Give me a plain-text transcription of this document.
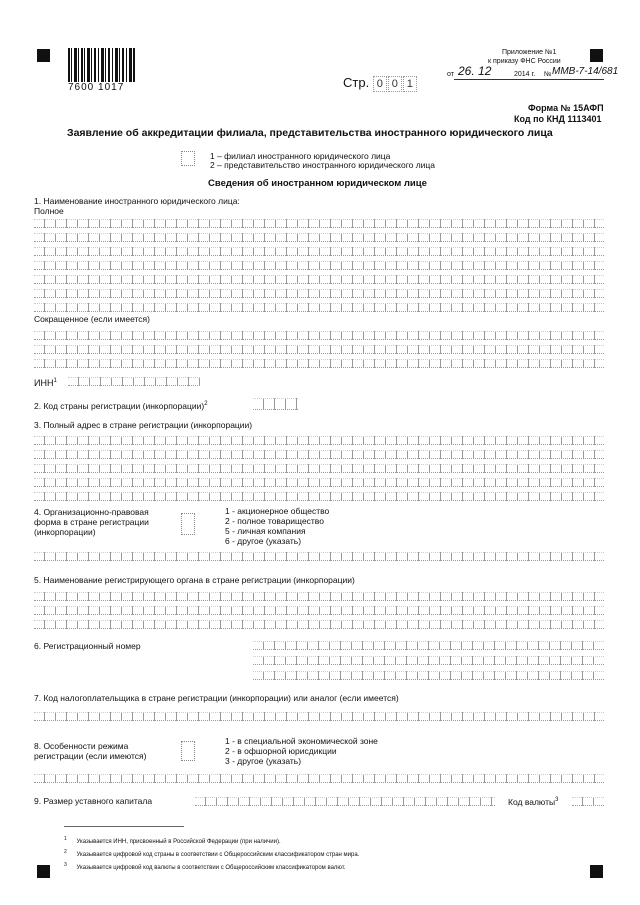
7600 1017	Стр. 0 0 1
Приложение №1
к приказу ФНС России
от 26. 12	2014 г. № ММВ-7-14/681
Форма № 15АФП
Код по КНД 1113401
Заявление об аккредитации филиала, представительства иностранного юридического лица
1 – филиал иностранного юридического лица
2 – представительство иностранного юридического лица
Сведения об иностранном юридическом лице
1. Наименование иностранного юридического лица:
Полное
Сокращенное (если имеется)
ИНН$^1$
2. Код страны регистрации (инкорпорации)$^2$
3. Полный адрес в стране регистрации (инкорпорации)
4. Организационно-правовая
форма в стране регистрации
(инкорпорации)
1 - акционерное общество
2 - полное товарищество
5 - личная компания
6 - другое (указать)
5. Наименование регистрирующего органа в стране регистрации (инкорпорации)
6. Регистрационный номер
7. Код налогоплательщика в стране регистрации (инкорпорации) или аналог (если имеется)
8. Особенности режима
регистрации (если имеются)
1 - в специальной экономической зоне
2 - в офшорной юрисдикции
3 - другое (указать)
9. Размер уставного капитала	Код валюты$^3$
$^1$ Указывается ИНН, присвоенный в Российской Федерации (при наличии).
$^2$ Указывается цифровой код страны в соответствии с Общероссийским классификатором стран мира.
$^3$ Указывается цифровой код валюты в соответствии с Общероссийским классификатором валют.
